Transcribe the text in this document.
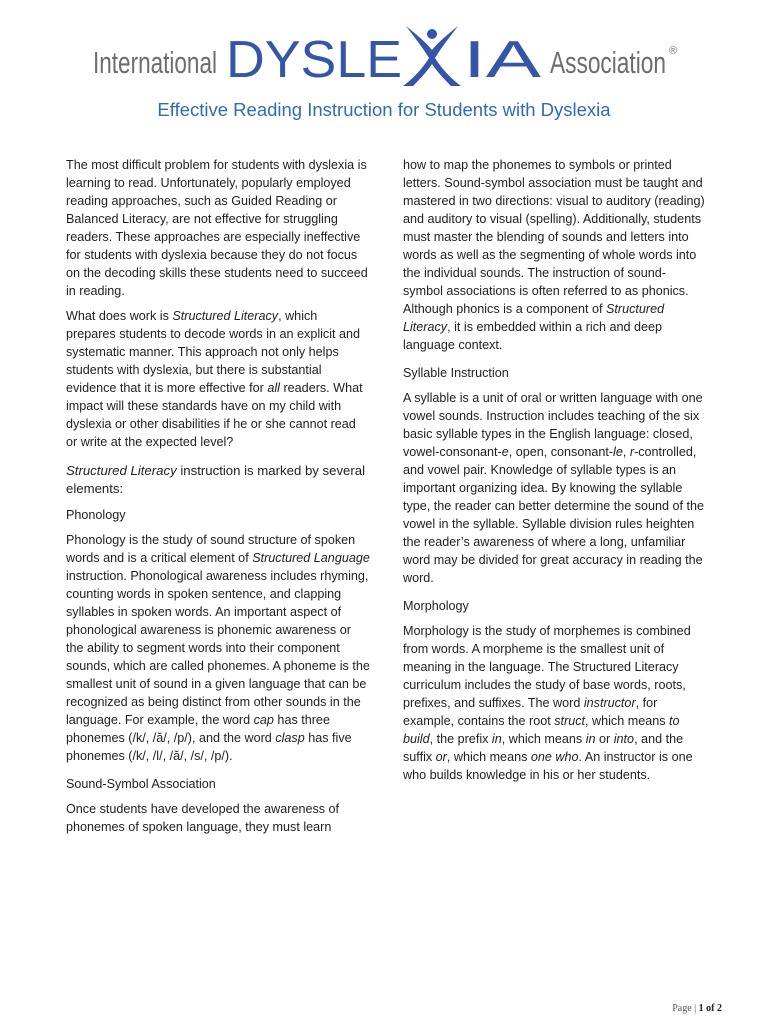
International DYSLE IA Association ®
Effective Reading Instruction for Students with Dyslexia

The most difficult problem for students with dyslexia is learning to read. Unfortunately, popularly employed reading approaches, such as Guided Reading or Balanced Literacy, are not effective for struggling readers. These approaches are especially ineffective for students with dyslexia because they do not focus on the decoding skills these students need to succeed in reading.

What does work is Structured Literacy, which prepares students to decode words in an explicit and systematic manner. This approach not only helps students with dyslexia, but there is substantial evidence that it is more effective for all readers. What impact will these standards have on my child with dyslexia or other disabilities if he or she cannot read or write at the expected level?

Structured Literacy instruction is marked by several elements:
Phonology

Phonology is the study of sound structure of spoken words and is a critical element of Structured Language instruction. Phonological awareness includes rhyming, counting words in spoken sentence, and clapping syllables in spoken words. An important aspect of phonological awareness is phonemic awareness or the ability to segment words into their component sounds, which are called phonemes. A phoneme is the smallest unit of sound in a given language that can be recognized as being distinct from other sounds in the language. For example, the word cap has three phonemes (/k/, /ă/, /p/), and the word clasp has five phonemes (/k/, /l/, /ă/, /s/, /p/).

Sound-Symbol Association

Once students have developed the awareness of phonemes of spoken language, they must learn

how to map the phonemes to symbols or printed letters. Sound-symbol association must be taught and mastered in two directions: visual to auditory (reading) and auditory to visual (spelling). Additionally, students must master the blending of sounds and letters into words as well as the segmenting of whole words into the individual sounds. The instruction of sound-symbol associations is often referred to as phonics. Although phonics is a component of Structured Literacy, it is embedded within a rich and deep language context.

Syllable Instruction

A syllable is a unit of oral or written language with one vowel sounds. Instruction includes teaching of the six basic syllable types in the English language: closed, vowel-consonant-e, open, consonant-le, r-controlled, and vowel pair. Knowledge of syllable types is an important organizing idea. By knowing the syllable type, the reader can better determine the sound of the vowel in the syllable. Syllable division rules heighten the reader’s awareness of where a long, unfamiliar word may be divided for great accuracy in reading the word.

Morphology

Morphology is the study of morphemes is combined from words. A morpheme is the smallest unit of meaning in the language. The Structured Literacy curriculum includes the study of base words, roots, prefixes, and suffixes. The word instructor, for example, contains the root struct, which means to build, the prefix in, which means in or into, and the suffix or, which means one who. An instructor is one who builds knowledge in his or her students.

Page | 1 of 2
